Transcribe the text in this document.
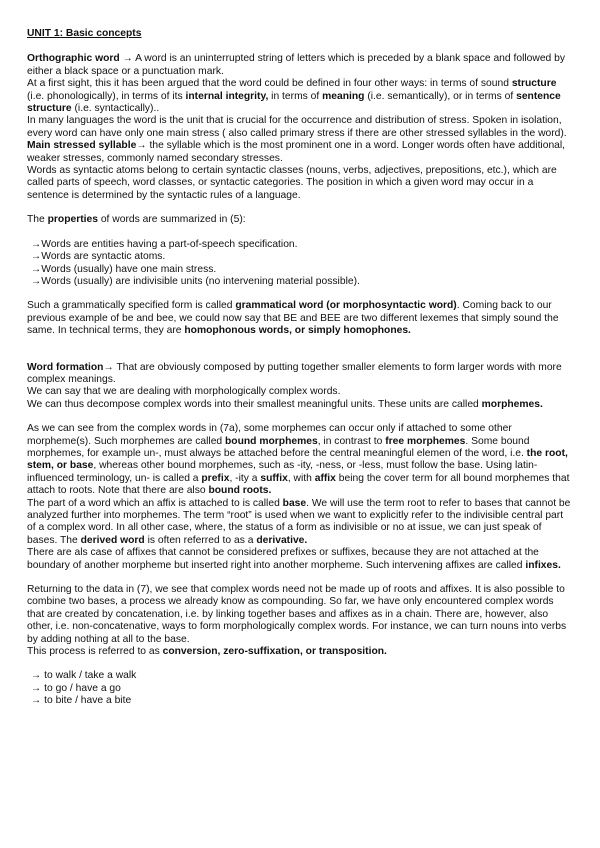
UNIT 1: Basic concepts

Orthographic word → A word is an uninterrupted string of letters which is preceded by a blank space and followed by either a black space or a punctuation mark.

At a first sight, this it has been argued that the word could be defined in four other ways: in terms of sound structure (i.e. phonologically), in terms of its internal integrity, in terms of meaning (i.e. semantically), or in terms of sentence structure (i.e. syntactically)..

In many languages the word is the unit that is crucial for the occurrence and distribution of stress. Spoken in isolation, every word can have only one main stress ( also called primary stress if there are other stressed syllables in the word).

Main stressed syllable→ the syllable which is the most prominent one in a word. Longer words often have additional, weaker stresses, commonly named secondary stresses.

Words as syntactic atoms belong to certain syntactic classes (nouns, verbs, adjectives, prepositions, etc.), which are called parts of speech, word classes, or syntactic categories. The position in which a given word may occur in a sentence is determined by the syntactic rules of a language.

The properties of words are summarized in (5):

→Words are entities having a part-of-speech specification.
→Words are syntactic atoms.
→Words (usually) have one main stress.
→Words (usually) are indivisible units (no intervening material possible).

Such a grammatically specified form is called grammatical word (or morphosyntactic word). Coming back to our previous example of be and bee, we could now say that BE and BEE are two different lexemes that simply sound the same. In technical terms, they are homophonous words, or simply homophones.

Word formation→ That are obviously composed by putting together smaller elements to form larger words with more complex meanings.

We can say that we are dealing with morphologically complex words.

We can thus decompose complex words into their smallest meaningful units. These units are called morphemes.

As we can see from the complex words in (7a), some morphemes can occur only if attached to some other morpheme(s). Such morphemes are called bound morphemes, in contrast to free morphemes. Some bound morphemes, for example un-, must always be attached before the central meaningful elemen of the word, i.e. the root, stem, or base, whereas other bound morphemes, such as -ity, -ness, or -less, must follow the base. Using latin-influenced terminology, un- is called a prefix, -ity a suffix, with affix being the cover term for all bound morphemes that attach to roots. Note that there are also bound roots.

The part of a word which an affix is attached to is called base. We will use the term root to refer to bases that cannot be analyzed further into morphemes. The term “root” is used when we want to explicitly refer to the indivisible central part of a complex word. In all other case, where, the status of a form as indivisible or no at issue, we can just speak of bases. The derived word is often referred to as a derivative.

There are als case of affixes that cannot be considered prefixes or suffixes, because they are not attached at the boundary of another morpheme but inserted right into another morpheme. Such intervening affixes are called infixes.

Returning to the data in (7), we see that complex words need not be made up of roots and affixes. It is also possible to combine two bases, a process we already know as compounding. So far, we have only encountered complex words that are created by concatenation, i.e. by linking together bases and affixes as in a chain. There are, however, also other, i.e. non-concatenative, ways to form morphologically complex words. For instance, we can turn nouns into verbs by adding nothing at all to the base.

This process is referred to as conversion, zero-suffixation, or transposition.

→ to walk / take a walk
→ to go / have a go
→ to bite / have a bite
